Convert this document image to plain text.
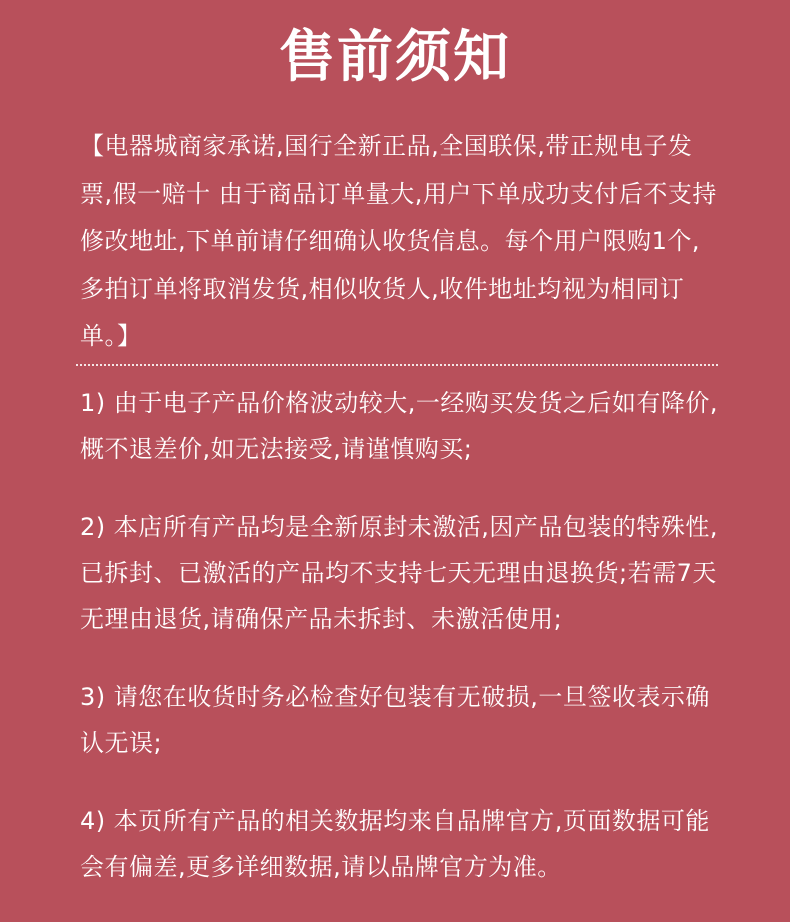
售前须知
【电器城商家承诺,国行全新正品,全国联保,带正规电子发票,假一赔十 由于商品订单量大,用户下单成功支付后不支持修改地址,下单前请仔细确认收货信息。每个用户限购1个,多拍订单将取消发货,相似收货人,收件地址均视为相同订单。】
1) 由于电子产品价格波动较大,一经购买发货之后如有降价,概不退差价,如无法接受,请谨慎购买;
2) 本店所有产品均是全新原封未激活,因产品包装的特殊性,已拆封、已激活的产品均不支持七天无理由退换货;若需7天无理由退货,请确保产品未拆封、未激活使用;
3) 请您在收货时务必检查好包装有无破损,一旦签收表示确认无误;
4) 本页所有产品的相关数据均来自品牌官方,页面数据可能会有偏差,更多详细数据,请以品牌官方为准。
